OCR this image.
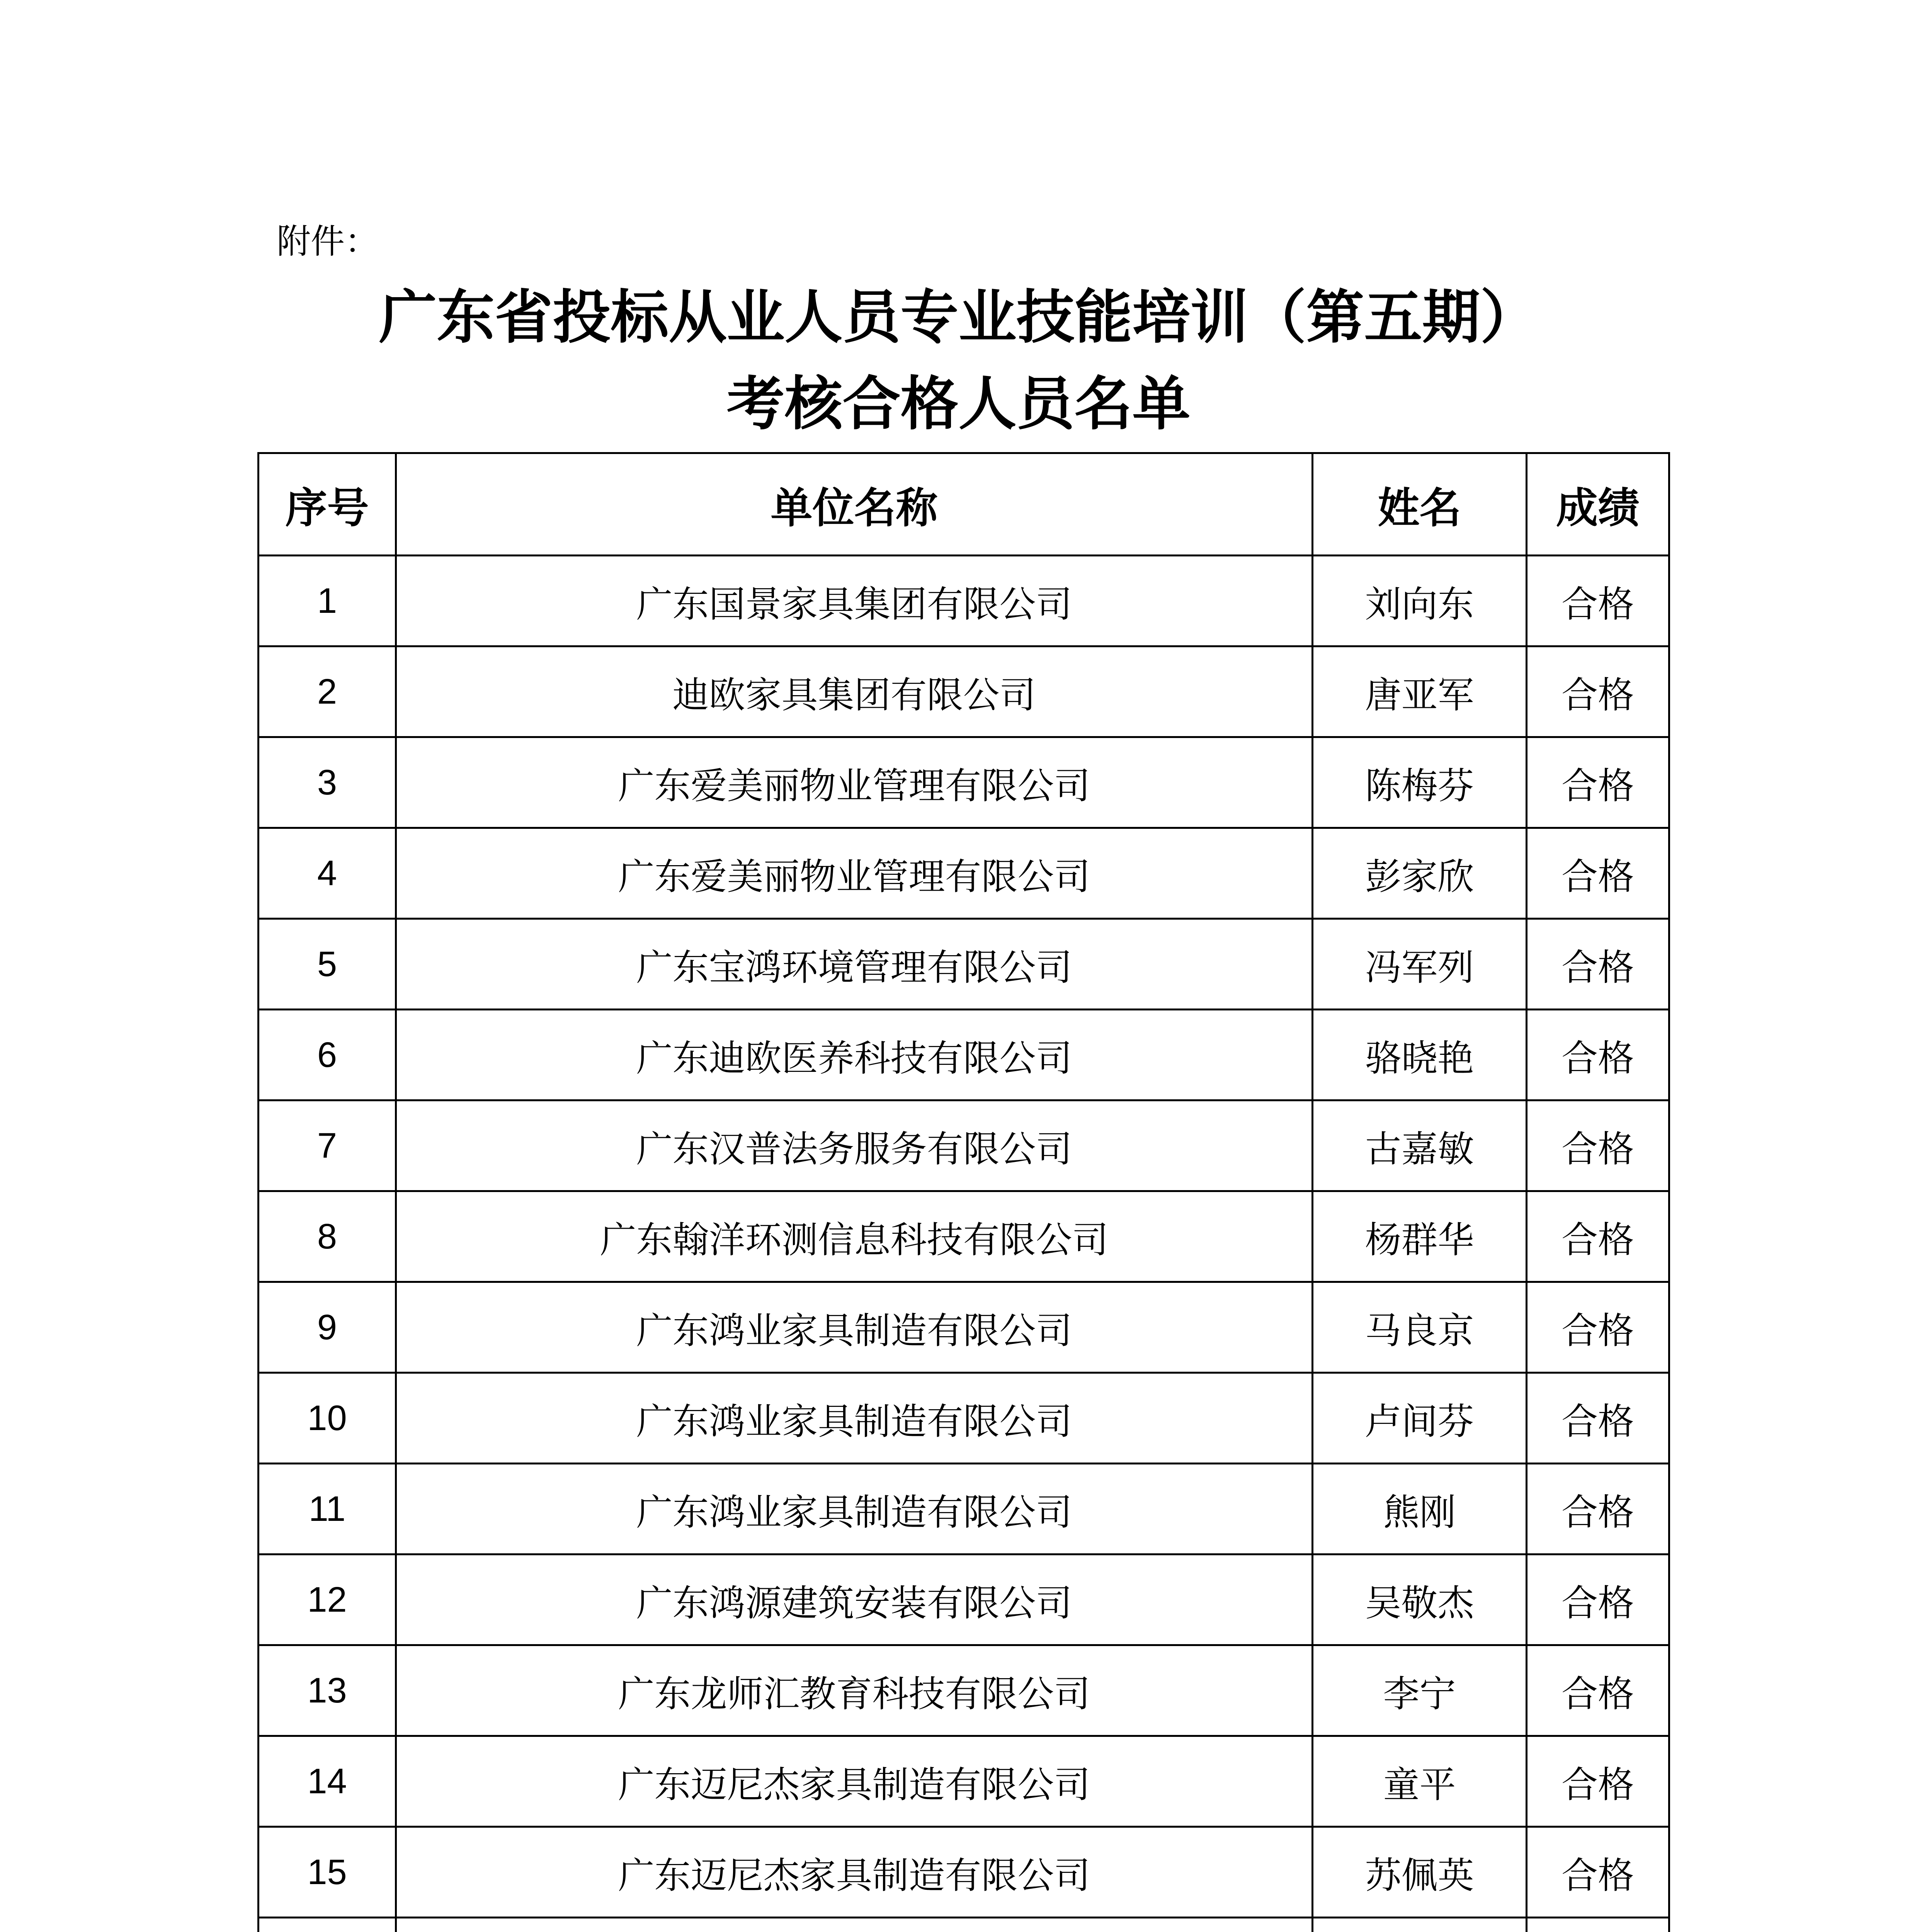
附件：
广东省投标从业人员专业技能培训（第五期）
考核合格人员名单
序号	单位名称	姓名	成绩
1	广东国景家具集团有限公司	刘向东	合格
2	迪欧家具集团有限公司	唐亚军	合格
3	广东爱美丽物业管理有限公司	陈梅芬	合格
4	广东爱美丽物业管理有限公司	彭家欣	合格
5	广东宝鸿环境管理有限公司	冯军列	合格
6	广东迪欧医养科技有限公司	骆晓艳	合格
7	广东汉普法务服务有限公司	古嘉敏	合格
8	广东翰洋环测信息科技有限公司	杨群华	合格
9	广东鸿业家具制造有限公司	马良京	合格
10	广东鸿业家具制造有限公司	卢间芬	合格
11	广东鸿业家具制造有限公司	熊刚	合格
12	广东鸿源建筑安装有限公司	吴敬杰	合格
13	广东龙师汇教育科技有限公司	李宁	合格
14	广东迈尼杰家具制造有限公司	童平	合格
15	广东迈尼杰家具制造有限公司	苏佩英	合格
